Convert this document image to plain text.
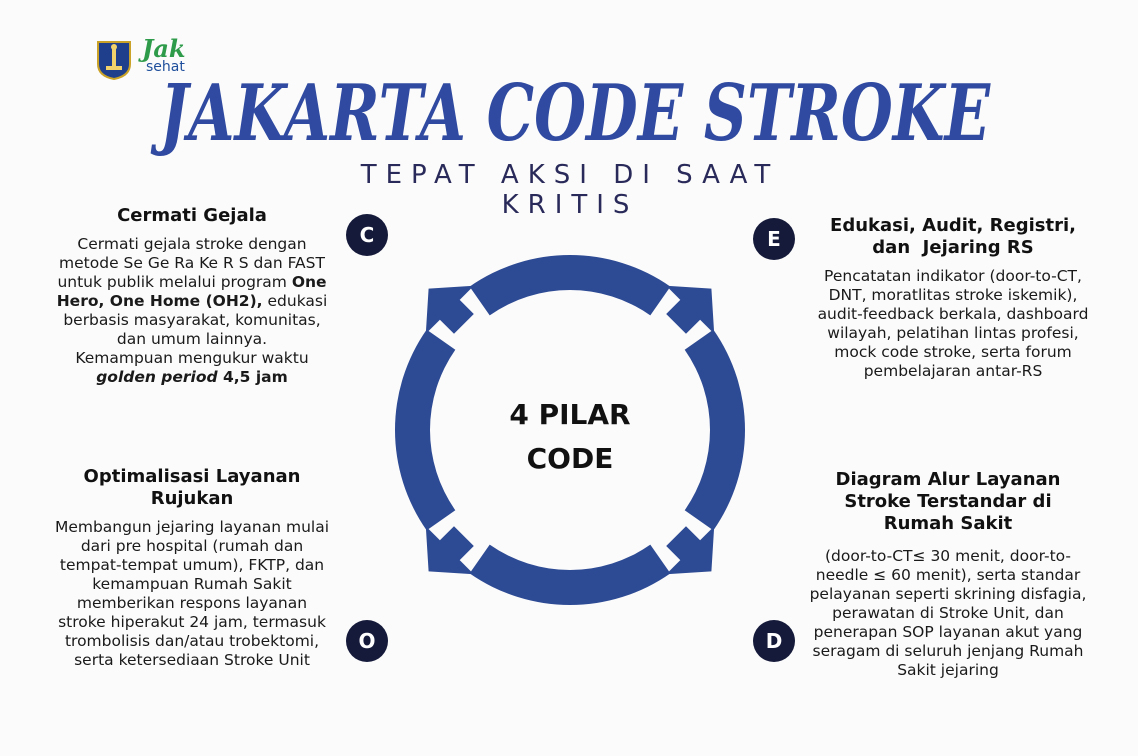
Jak
sehat
JAKARTA CODE STROKE
TEPAT AKSI DI SAAT KRITIS
4 PILAR
CODE
C	E
O	D
Cermati Gejala

Cermati gejala stroke dengan metode Se Ge Ra Ke R S dan FAST untuk publik melalui program One Hero, One Home (OH2), edukasi berbasis masyarakat, komunitas, dan umum lainnya.
Kemampuan mengukur waktu golden period 4,5 jam

Edukasi, Audit, Registri,
dan  Jejaring RS

Pencatatan indikator (door-to-CT, DNT, moratlitas stroke iskemik), audit-feedback berkala, dashboard wilayah, pelatihan lintas profesi, mock code stroke, serta forum pembelajaran antar-RS

Optimalisasi Layanan
Rujukan

Membangun jejaring layanan mulai dari pre hospital (rumah dan tempat-tempat umum), FKTP, dan kemampuan Rumah Sakit memberikan respons layanan stroke hiperakut 24 jam, termasuk trombolisis dan/atau trobektomi, serta ketersediaan Stroke Unit

Diagram Alur Layanan
Stroke Terstandar di
Rumah Sakit

(door-to-CT≤ 30 menit, door-to-needle ≤ 60 menit), serta standar pelayanan seperti skrining disfagia, perawatan di Stroke Unit, dan penerapan SOP layanan akut yang seragam di seluruh jenjang Rumah Sakit jejaring
